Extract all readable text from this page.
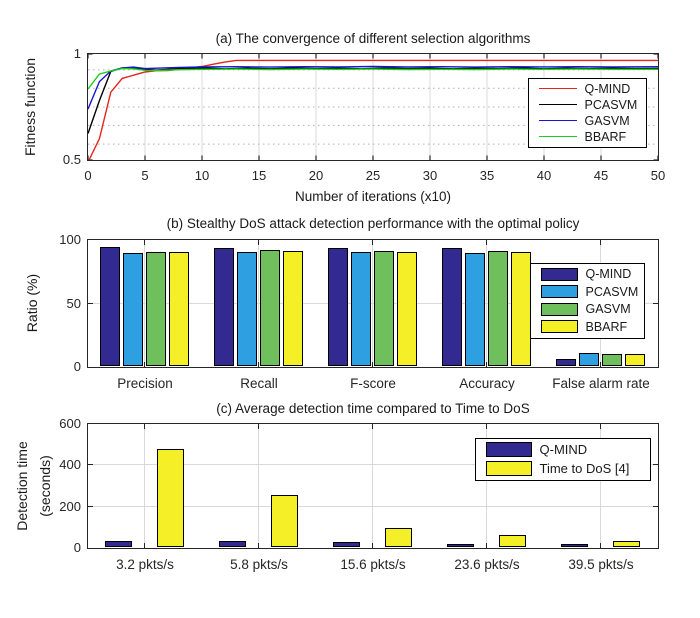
(a) The convergence of different selection algorithms
Fitness function	Q-MIND
PCASVM
GASVM
BBARF
Number of iterations (x10)
(b) Stealthy DoS attack detection performance with the optimal policy
Ratio (%)	Q-MIND
PCASVM
GASVM
BBARF
(c) Average detection time compared to Time to DoS
Detection time (seconds)
Q-MIND
Time to DoS [4]
0.5
1
0	5	10	15	20	25	30	35	40	45	50
0
50
100
Precision	Recall	F-score	Accuracy	False alarm rate
0
200
400
600
3.2 pkts/s	5.8 pkts/s	15.6 pkts/s	23.6 pkts/s	39.5 pkts/s
